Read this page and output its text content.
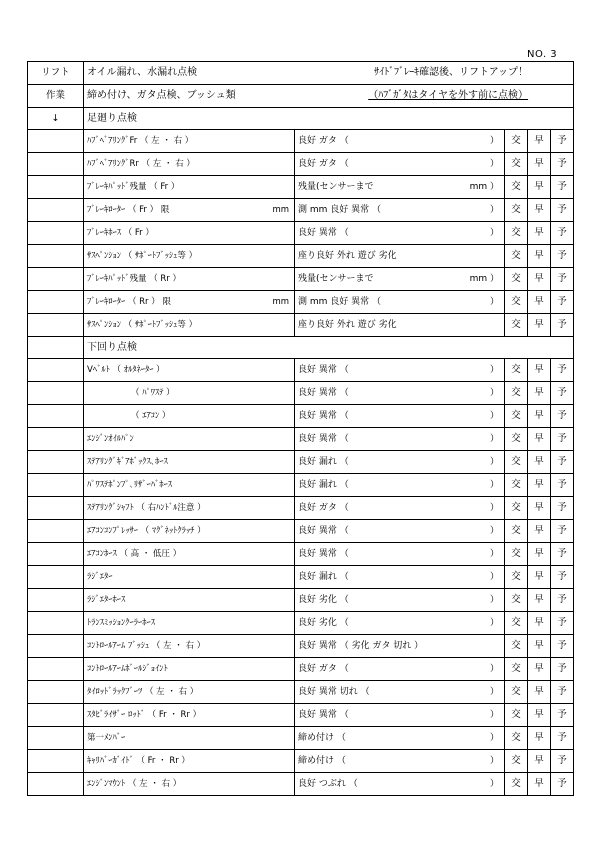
NO. 3
リフト	オイル漏れ、水漏れ点検 ｻｲﾄﾞﾌﾞﾚｰｷ確認後、リフトアップ！				

作業	締め付け、ガタ点検、ブッシュ類 （ﾊﾌﾞｶﾞﾀはタイヤを外す前に点検）				

↓	足廻り点検				
	ﾊﾌﾞﾍﾞｱﾘﾝｸﾞFr （ 左 ・ 右 ）	良好 ガタ （ ）	交	早	予
	ﾊﾌﾞﾍﾞｱﾘﾝｸﾞRr （ 左 ・ 右 ）	良好 ガタ （ ）	交	早	予
	ﾌﾞﾚｰｷﾊﾟｯﾄﾞ残量 （ Fr ）	残量(センサーまで mm ）	交	早	予
	ﾌﾞﾚｰｷﾛｰﾀｰ （ Fr ） 限 mm	測 mm 良好 異常 （ ）	交	早	予
	ﾌﾞﾚｰｷﾎｰｽ （ Fr ）	良好 異常 （ ）	交	早	予
	ｻｽﾍﾟﾝｼｮﾝ （ ｻﾎﾟｰﾄﾌﾞｯｼｭ等 ）	座り良好 外れ 遊び 劣化	交	早	予
	ﾌﾞﾚｰｷﾊﾟｯﾄﾞ残量 （ Rr ）	残量(センサーまで mm ）	交	早	予
	ﾌﾞﾚｰｷﾛｰﾀｰ （ Rr ） 限 mm	測 mm 良好 異常 （ ）	交	早	予
	ｻｽﾍﾟﾝｼｮﾝ （ ｻﾎﾟｰﾄﾌﾞｯｼｭ等 ）	座り良好 外れ 遊び 劣化	交	早	予
	下回り点検				
	Vﾍﾞﾙﾄ （ ｵﾙﾀﾈｰﾀｰ ）	良好 異常 （ ）	交	早	予
	（ ﾊﾟﾜｽﾃ ）	良好 異常 （ ）	交	早	予
	（ ｴｱｺﾝ ）	良好 異常 （ ）	交	早	予
	ｴﾝｼﾞﾝｵｲﾙﾊﾟﾝ	良好 異常 （ ）	交	早	予
	ｽﾃｱﾘﾝｸﾞｷﾞｱﾎﾞｯｸｽ､ﾎｰｽ	良好 漏れ （ ）	交	早	予
	ﾊﾟﾜｽﾃﾎﾟﾝﾌﾟ､ﾘｻﾞｰﾊﾞﾎｰｽ	良好 漏れ （ ）	交	早	予
	ｽﾃｱﾘﾝｸﾞｼｬﾌﾄ （ 右ﾊﾝﾄﾞﾙ注意 ）	良好 ガタ （ ）	交	早	予
	ｴｱｺﾝｺﾝﾌﾟﾚｯｻｰ （ ﾏｸﾞﾈｯﾄｸﾗｯﾁ ）	良好 異常 （ ）	交	早	予
	ｴｱｺﾝﾎｰｽ （ 高 ・ 低圧 ）	良好 異常 （ ）	交	早	予
	ﾗｼﾞｴﾀｰ	良好 漏れ （ ）	交	早	予
	ﾗｼﾞｴﾀｰﾎｰｽ	良好 劣化 （ ）	交	早	予
	ﾄﾗﾝｽﾐｯｼｮﾝｸｰﾗｰﾎｰｽ	良好 劣化 （ ）	交	早	予
	ｺﾝﾄﾛｰﾙｱｰﾑ ﾌﾞｯｼｭ （ 左 ・ 右 ）	良好 異常 （ 劣化 ガタ 切れ ）	交	早	予
	ｺﾝﾄﾛｰﾙｱｰﾑﾎﾞｰﾙｼﾞｮｲﾝﾄ	良好 ガタ （ ）	交	早	予
	ﾀｲﾛｯﾄﾞﾗｯｸﾌﾞｰﾂ （ 左 ・ 右 ）	良好 異常 切れ （ ）	交	早	予
	ｽﾀﾋﾞﾗｲｻﾞｰ ﾛｯﾄﾞ （ Fr ・ Rr ）	良好 異常 （ ）	交	早	予
	第一ﾒﾝﾊﾞｰ	締め付け （ ）	交	早	予
	ｷｬﾘﾊﾞｰｶﾞｲﾄﾞ （ Fr ・ Rr ）	締め付け （ ）	交	早	予
	ｴﾝｼﾞﾝﾏｳﾝﾄ （ 左 ・ 右 ）	良好 つぶれ （ ）	交	早	予
